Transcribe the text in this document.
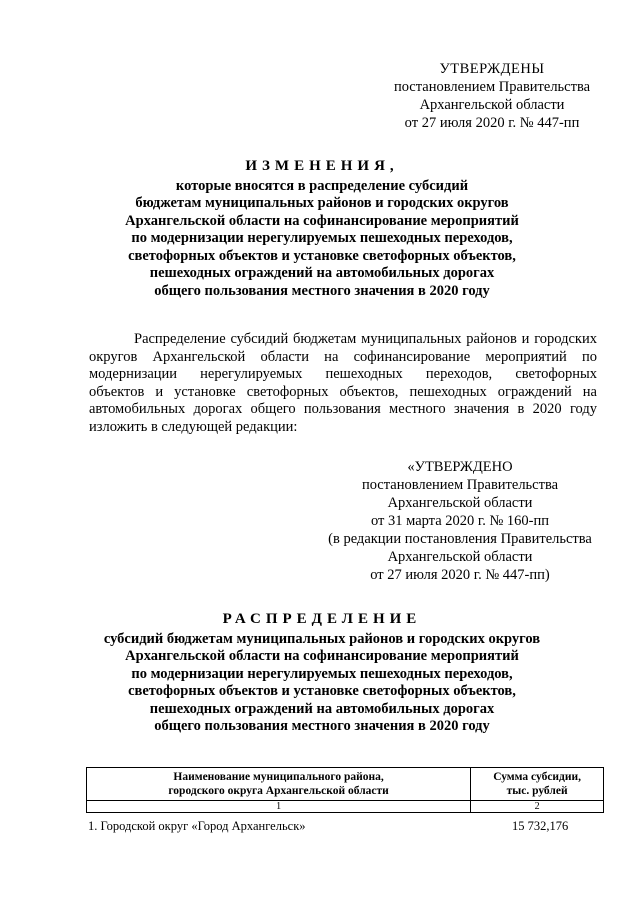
УТВЕРЖДЕНЫ
постановлением Правительства
Архангельской области
от 27 июля 2020 г. № 447-пп
ИЗМЕНЕНИЯ,
которые вносятся в распределение субсидий
бюджетам муниципальных районов и городских округов
Архангельской области на софинансирование мероприятий
по модернизации нерегулируемых пешеходных переходов,
светофорных объектов и установке светофорных объектов,
пешеходных ограждений на автомобильных дорогах
общего пользования местного значения в 2020 году
Распределение субсидий бюджетам муниципальных районов и городских
округов Архангельской области на софинансирование мероприятий по
модернизации нерегулируемых пешеходных переходов, светофорных
объектов и установке светофорных объектов, пешеходных ограждений на
автомобильных дорогах общего пользования местного значения в 2020 году
изложить в следующей редакции:
«УТВЕРЖДЕНО
постановлением Правительства
Архангельской области
от 31 марта 2020 г. № 160-пп
(в редакции постановления Правительства
Архангельской области
от 27 июля 2020 г. № 447-пп)
РАСПРЕДЕЛЕНИЕ
субсидий бюджетам муниципальных районов и городских округов
Архангельской области на софинансирование мероприятий
по модернизации нерегулируемых пешеходных переходов,
светофорных объектов и установке светофорных объектов,
пешеходных ограждений на автомобильных дорогах
общего пользования местного значения в 2020 году
Наименование муниципального района,
городского округа Архангельской области	Сумма субсидии,
тыс. рублей

1	2
1. Городской округ «Город Архангельск»	15 732,176
